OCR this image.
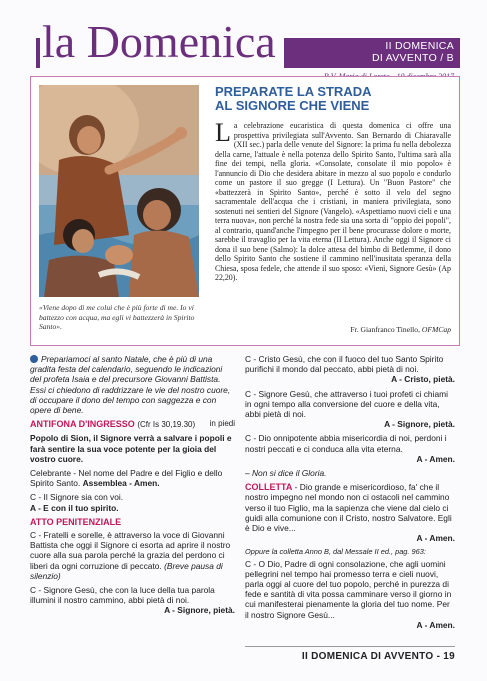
la Domenica	II DOMENICA
DI AVVENTO / B
«Viene dopo di me colui che è più forte di me. Io vi battezzo con acqua, ma egli vi battezzerà in Spirito Santo».
PREPARATE LA STRADA
AL SIGNORE CHE VIENE
La celebrazione eucaristica di questa domenica ci offre una prospettiva privilegiata sull'Avvento. San Bernardo di Chiaravalle (XII sec.) parla delle venute del Signore: la prima fu nella debolezza della carne, l'attuale è nella potenza dello Spirito Santo, l'ultima sarà alla fine dei tempi, nella gloria. «Consolate, consolate il mio popolo» è l'annuncio di Dio che desidera abitare in mezzo al suo popolo e condurlo come un pastore il suo gregge (I Lettura). Un "Buon Pastore" che «battezzerà in Spirito Santo», perché è sotto il velo del segno sacramentale dell'acqua che i cristiani, in maniera privilegiata, sono sostenuti nei sentieri del Signore (Vangelo). «Aspettiamo nuovi cieli e una terra nuova», non perché la nostra fede sia una sorta di "oppio dei popoli", al contrario, quand'anche l'impegno per il bene procurasse dolore o morte, sarebbe il travaglio per la vita eterna (II Lettura). Anche oggi il Signore ci dona il suo bene (Salmo): la dolce attesa del bimbo di Betlemme, il dono dello Spirito Santo che sostiene il cammino nell'inusitata speranza della Chiesa, sposa fedele, che attende il suo sposo: «Vieni, Signore Gesù» (Ap 22,20).
Fr. Gianfranco Tinello, OFMCap

Prepariamoci al santo Natale, che è più di una gradita festa del calendario, seguendo le indicazioni del profeta Isaia e del precursore Giovanni Battista. Essi ci chiedono di raddrizzare le vie del nostro cuore, di occupare il dono del tempo con saggezza e con opere di bene.

ANTIFONA D'INGRESSO (Cfr Is 30,19.30) in piedi

Popolo di Sion, il Signore verrà a salvare i popoli e farà sentire la sua voce potente per la gioia del vostro cuore.

Celebrante - Nel nome del Padre e del Figlio e dello Spirito Santo. Assemblea - Amen.

C - Il Signore sia con voi.

A - E con il tuo spirito.

ATTO PENITENZIALE

C - Fratelli e sorelle, è attraverso la voce di Giovanni Battista che oggi il Signore ci esorta ad aprire il nostro cuore alla sua parola perché la grazia del perdono ci liberi da ogni corruzione di peccato. (Breve pausa di silenzio)

C - Signore Gesù, che con la luce della tua parola illumini il nostro cammino, abbi pietà di noi.

A - Signore, pietà.

C - Cristo Gesù, che con il fuoco del tuo Santo Spirito purifichi il mondo dal peccato, abbi pietà di noi.

A - Cristo, pietà.

C - Signore Gesù, che attraverso i tuoi profeti ci chiami in ogni tempo alla conversione del cuore e della vita, abbi pietà di noi.

A - Signore, pietà.

C - Dio onnipotente abbia misericordia di noi, perdoni i nostri peccati e ci conduca alla vita eterna.

A - Amen.

– Non si dice il Gloria.

COLLETTA - Dio grande e misericordioso, fa' che il nostro impegno nel mondo non ci ostacoli nel cammino verso il tuo Figlio, ma la sapienza che viene dal cielo ci guidi alla comunione con il Cristo, nostro Salvatore. Egli è Dio e vive...

A - Amen.

Oppure la colletta Anno B, dal Messale II ed., pag. 963:

C - O Dio, Padre di ogni consolazione, che agli uomini pellegrini nel tempo hai promesso terra e cieli nuovi, parla oggi al cuore del tuo popolo, perché in purezza di fede e santità di vita possa camminare verso il giorno in cui manifesterai pienamente la gloria del tuo nome. Per il nostro Signore Gesù...

A - Amen.

II DOMENICA DI AVVENTO - 19
